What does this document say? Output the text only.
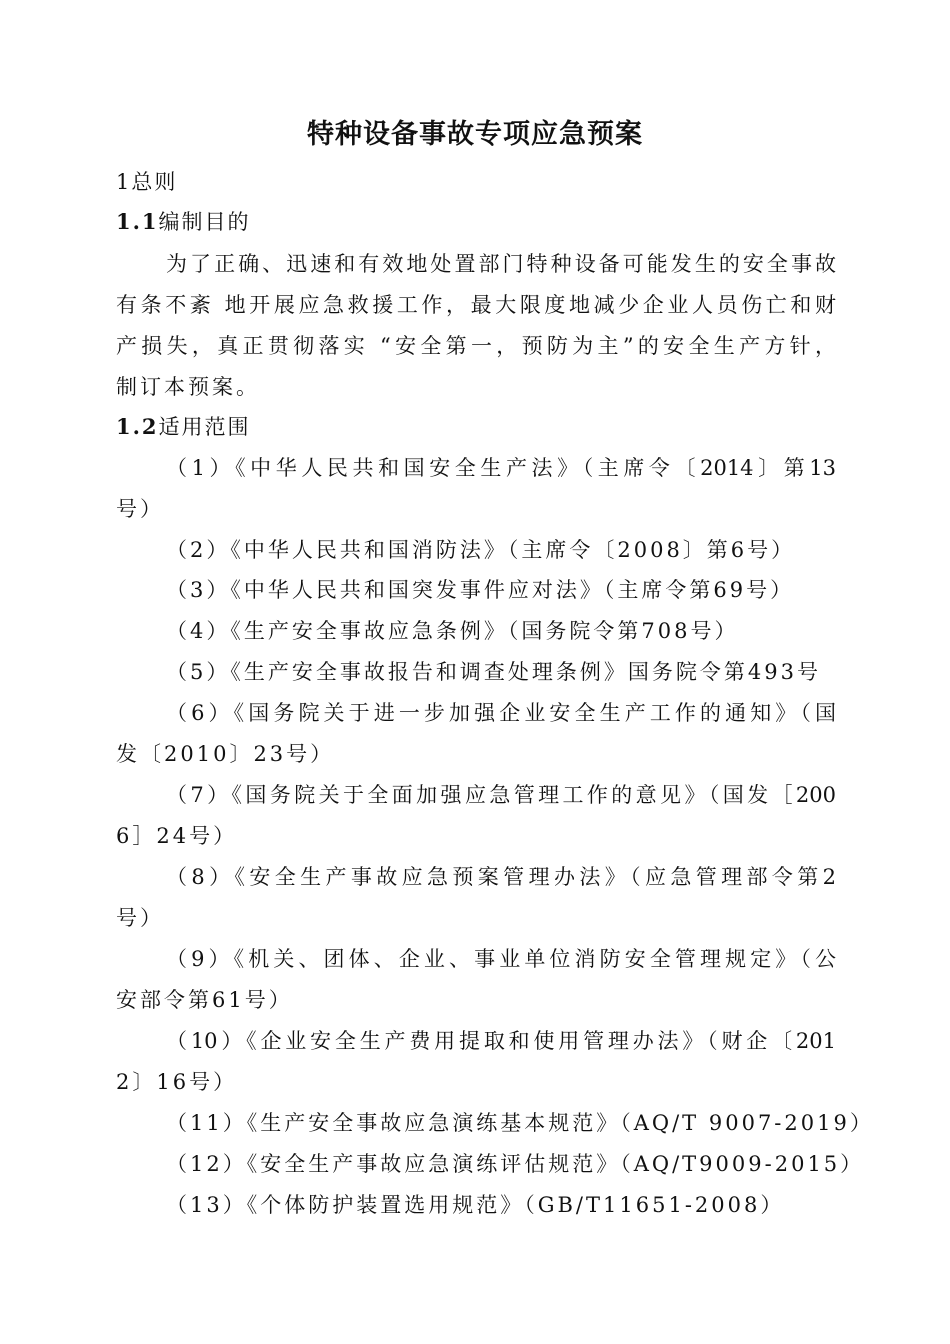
特种设备事故专项应急预案
1总则
1.1编制目的
为了正确、迅速和有效地处置部门特种设备可能发生的安全事故
有条不紊 地开展应急救援工作，最大限度地减少企业人员伤亡和财
产损失，真正贯彻落实 “安全第一，预防为主”的安全生产方针，
制订本预案。
1.2适用范围
（1）《中华人民共和国安全生产法》（主席令〔2014〕第13
号）
（2）《中华人民共和国消防法》（主席令〔2008〕第6号）
（3）《中华人民共和国突发事件应对法》（主席令第69号）
（4）《生产安全事故应急条例》（国务院令第708号）
（5）《生产安全事故报告和调查处理条例》国务院令第493号
（6）《国务院关于进一步加强企业安全生产工作的通知》（国
发〔2010〕23号）
（7）《国务院关于全面加强应急管理工作的意见》（国发［200
6］24号）
（8）《安全生产事故应急预案管理办法》（应急管理部令第2
号）
（9）《机关、团体、企业、事业单位消防安全管理规定》（公
安部令第61号）
（10）《企业安全生产费用提取和使用管理办法》（财企〔201
2〕16号）
（11）《生产安全事故应急演练基本规范》（AQ/T 9007-2019）
（12）《安全生产事故应急演练评估规范》（AQ/T9009-2015）
（13）《个体防护装置选用规范》（GB/T11651-2008）
